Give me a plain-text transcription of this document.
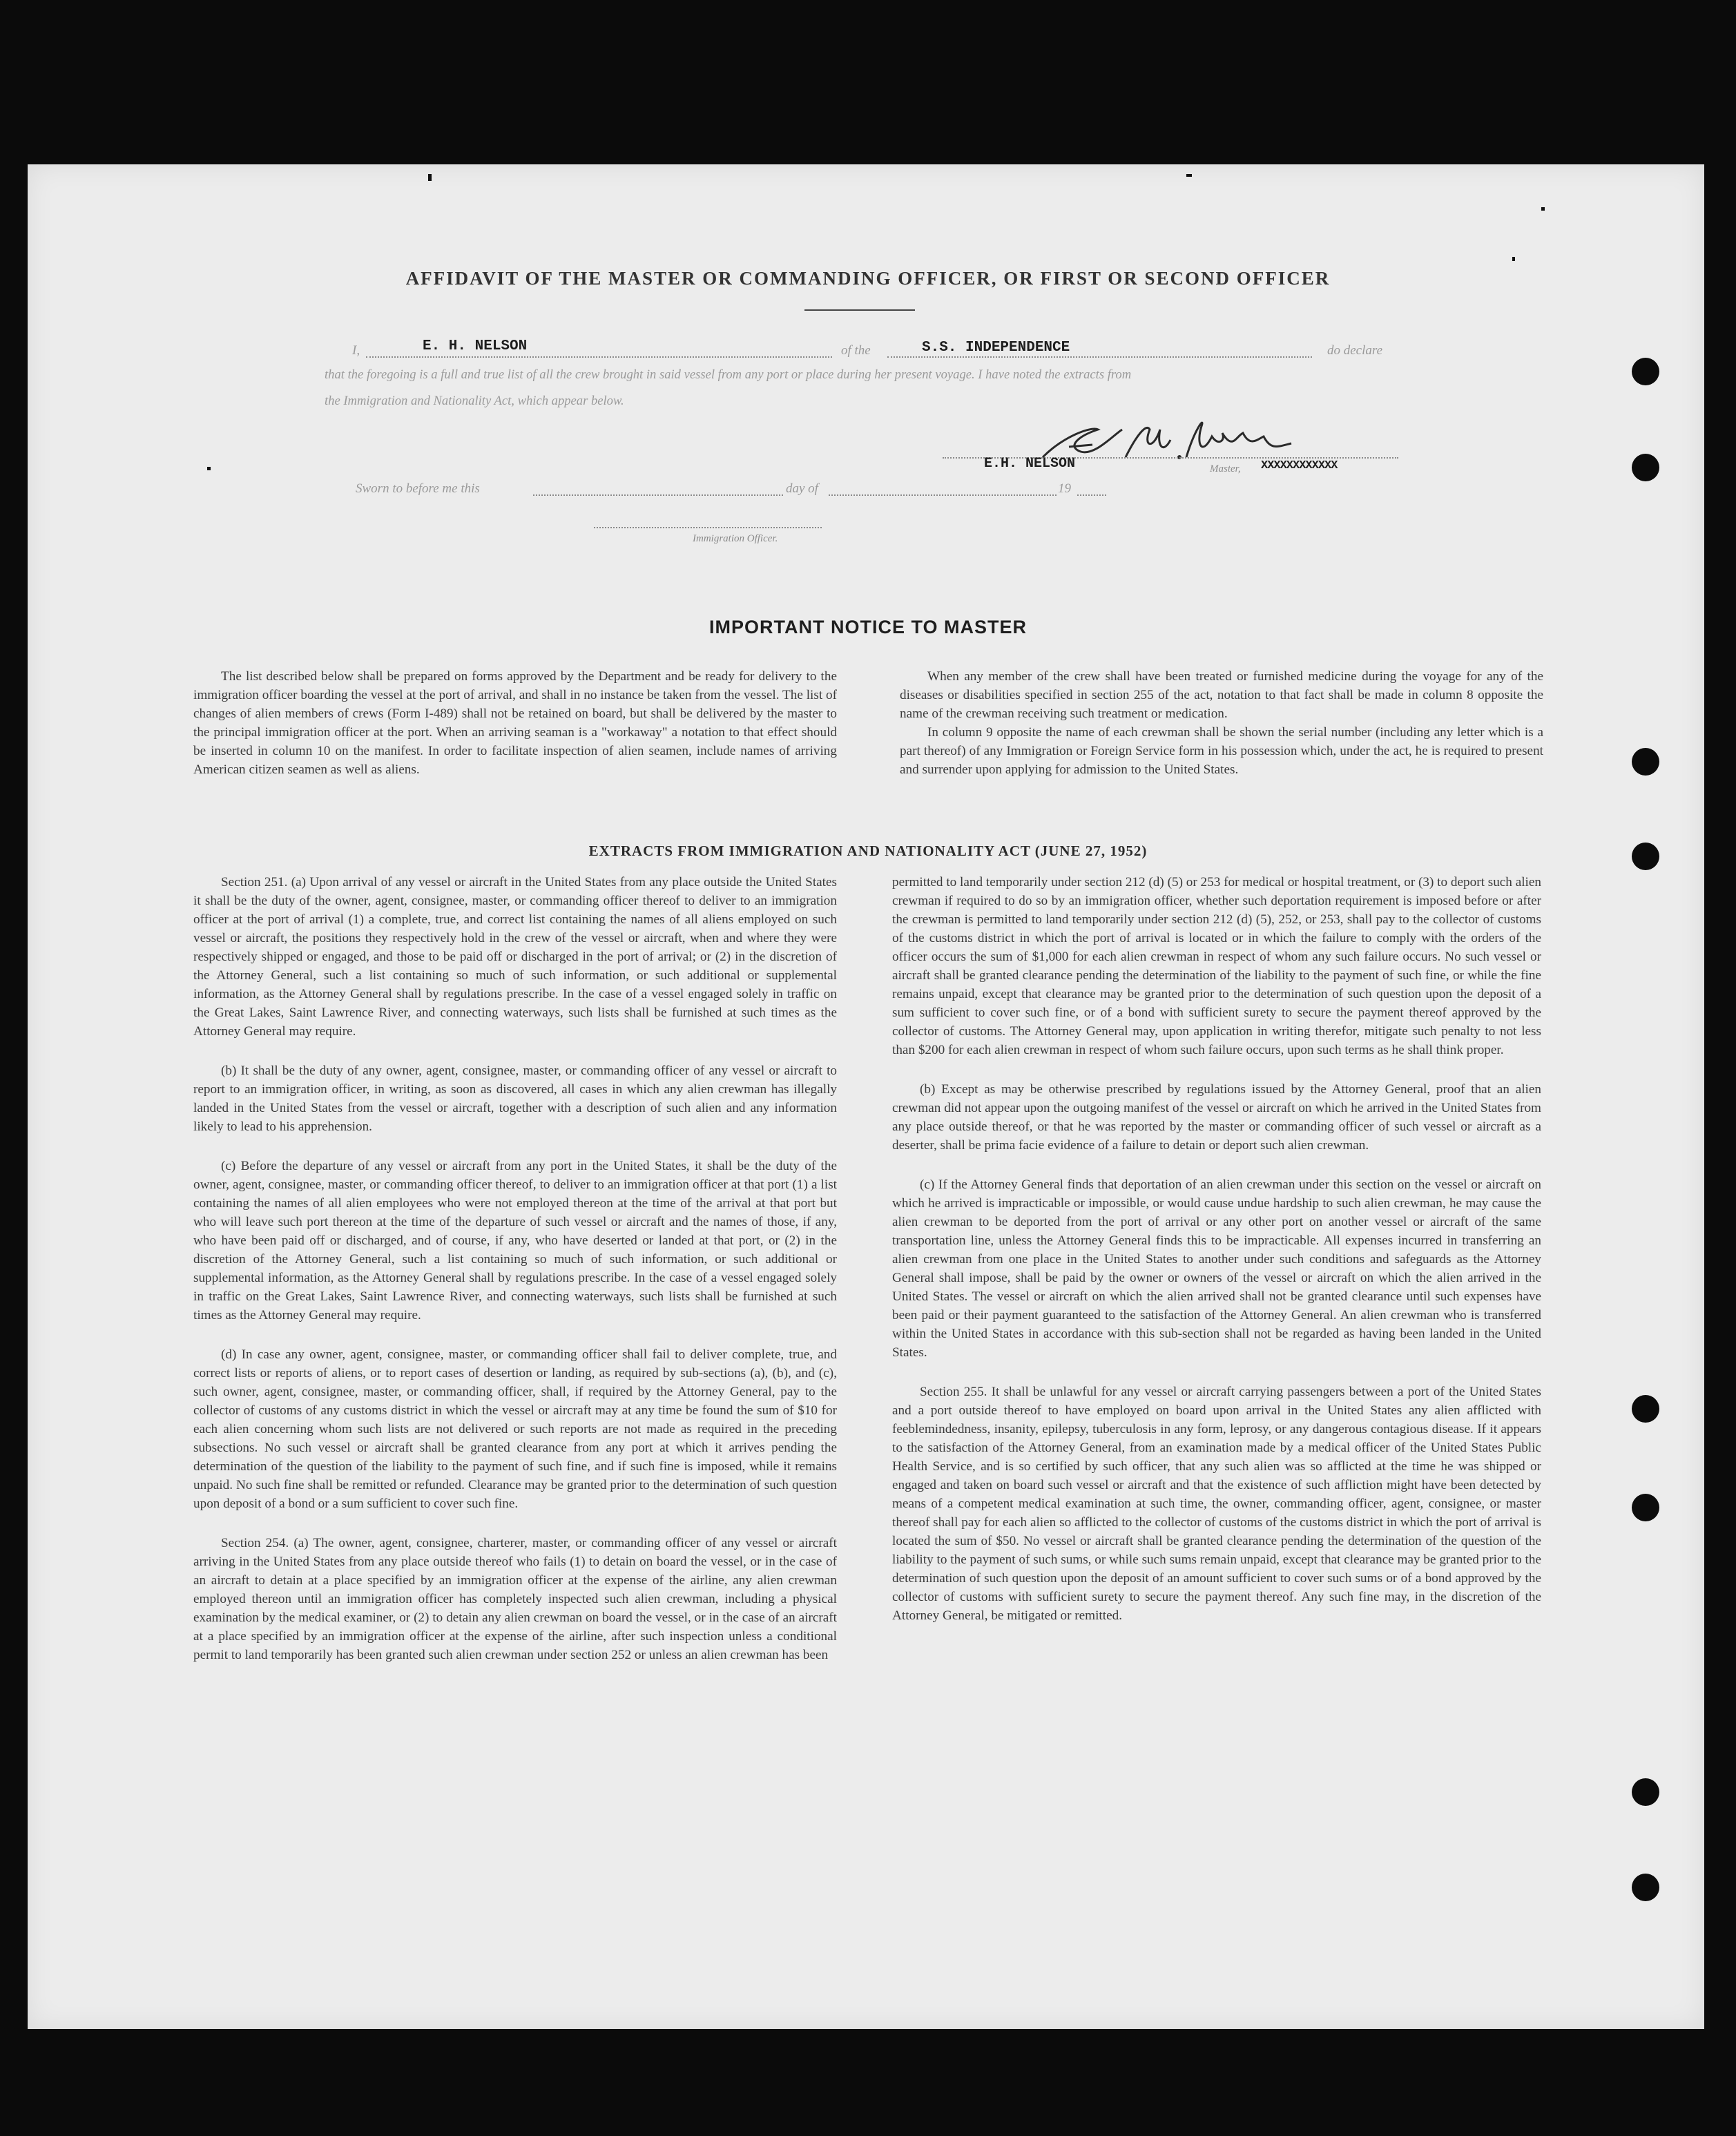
AFFIDAVIT OF THE MASTER OR COMMANDING OFFICER, OR FIRST OR SECOND OFFICER
I,	E. H. NELSON	of the	S.S. INDEPENDENCE	do declare
that the foregoing is a full and true list of all the crew brought in said vessel from any port or place during her present voyage. I have noted the extracts from
the Immigration and Nationality Act, which appear below.
E.H. NELSON	Master, XXXXXXXXXXXX
Sworn to before me this	day of	19
Immigration Officer.
IMPORTANT NOTICE TO MASTER

The list described below shall be prepared on forms approved by the Department and be ready for delivery to the immigration officer boarding the vessel at the port of arrival, and shall in no instance be taken from the vessel. The list of changes of alien members of crews (Form I-489) shall not be retained on board, but shall be delivered by the master to the principal immigration officer at the port. When an arriving seaman is a "workaway" a notation to that effect should be inserted in column 10 on the manifest. In order to facilitate inspection of alien seamen, include names of arriving American citizen seamen as well as aliens.

When any member of the crew shall have been treated or furnished medicine during the voyage for any of the diseases or disabilities specified in section 255 of the act, notation to that fact shall be made in column 8 opposite the name of the crewman receiving such treatment or medication.

In column 9 opposite the name of each crewman shall be shown the serial number (including any letter which is a part thereof) of any Immigration or Foreign Service form in his possession which, under the act, he is required to present and surrender upon applying for admission to the United States.

EXTRACTS FROM IMMIGRATION AND NATIONALITY ACT (JUNE 27, 1952)

Section 251. (a) Upon arrival of any vessel or aircraft in the United States from any place outside the United States it shall be the duty of the owner, agent, consignee, master, or commanding officer thereof to deliver to an immigration officer at the port of arrival (1) a complete, true, and correct list containing the names of all aliens employed on such vessel or aircraft, the positions they respectively hold in the crew of the vessel or aircraft, when and where they were respectively shipped or engaged, and those to be paid off or discharged in the port of arrival; or (2) in the discretion of the Attorney General, such a list containing so much of such information, or such additional or supplemental information, as the Attorney General shall by regulations prescribe. In the case of a vessel engaged solely in traffic on the Great Lakes, Saint Lawrence River, and connecting waterways, such lists shall be furnished at such times as the Attorney General may require.

(b) It shall be the duty of any owner, agent, consignee, master, or commanding officer of any vessel or aircraft to report to an immigration officer, in writing, as soon as discovered, all cases in which any alien crewman has illegally landed in the United States from the vessel or aircraft, together with a description of such alien and any information likely to lead to his apprehension.

(c) Before the departure of any vessel or aircraft from any port in the United States, it shall be the duty of the owner, agent, consignee, master, or commanding officer thereof, to deliver to an immigration officer at that port (1) a list containing the names of all alien employees who were not employed thereon at the time of the arrival at that port but who will leave such port thereon at the time of the departure of such vessel or aircraft and the names of those, if any, who have been paid off or discharged, and of course, if any, who have deserted or landed at that port, or (2) in the discretion of the Attorney General, such a list containing so much of such information, or such additional or supplemental information, as the Attorney General shall by regulations prescribe. In the case of a vessel engaged solely in traffic on the Great Lakes, Saint Lawrence River, and connecting waterways, such lists shall be furnished at such times as the Attorney General may require.

(d) In case any owner, agent, consignee, master, or commanding officer shall fail to deliver complete, true, and correct lists or reports of aliens, or to report cases of desertion or landing, as required by sub-sections (a), (b), and (c), such owner, agent, consignee, master, or commanding officer, shall, if required by the Attorney General, pay to the collector of customs of any customs district in which the vessel or aircraft may at any time be found the sum of $10 for each alien concerning whom such lists are not delivered or such reports are not made as required in the preceding subsections. No such vessel or aircraft shall be granted clearance from any port at which it arrives pending the determination of the question of the liability to the payment of such fine, and if such fine is imposed, while it remains unpaid. No such fine shall be remitted or refunded. Clearance may be granted prior to the determination of such question upon deposit of a bond or a sum sufficient to cover such fine.

Section 254. (a) The owner, agent, consignee, charterer, master, or commanding officer of any vessel or aircraft arriving in the United States from any place outside thereof who fails (1) to detain on board the vessel, or in the case of an aircraft to detain at a place specified by an immigration officer at the expense of the airline, any alien crewman employed thereon until an immigration officer has completely inspected such alien crewman, including a physical examination by the medical examiner, or (2) to detain any alien crewman on board the vessel, or in the case of an aircraft at a place specified by an immigration officer at the expense of the airline, after such inspection unless a conditional permit to land temporarily has been granted such alien crewman under section 252 or unless an alien crewman has been

permitted to land temporarily under section 212 (d) (5) or 253 for medical or hospital treatment, or (3) to deport such alien crewman if required to do so by an immigration officer, whether such deportation requirement is imposed before or after the crewman is permitted to land temporarily under section 212 (d) (5), 252, or 253, shall pay to the collector of customs of the customs district in which the port of arrival is located or in which the failure to comply with the orders of the officer occurs the sum of $1,000 for each alien crewman in respect of whom any such failure occurs. No such vessel or aircraft shall be granted clearance pending the determination of the liability to the payment of such fine, or while the fine remains unpaid, except that clearance may be granted prior to the determination of such question upon the deposit of a sum sufficient to cover such fine, or of a bond with sufficient surety to secure the payment thereof approved by the collector of customs. The Attorney General may, upon application in writing therefor, mitigate such penalty to not less than $200 for each alien crewman in respect of whom such failure occurs, upon such terms as he shall think proper.

(b) Except as may be otherwise prescribed by regulations issued by the Attorney General, proof that an alien crewman did not appear upon the outgoing manifest of the vessel or aircraft on which he arrived in the United States from any place outside thereof, or that he was reported by the master or commanding officer of such vessel or aircraft as a deserter, shall be prima facie evidence of a failure to detain or deport such alien crewman.

(c) If the Attorney General finds that deportation of an alien crewman under this section on the vessel or aircraft on which he arrived is impracticable or impossible, or would cause undue hardship to such alien crewman, he may cause the alien crewman to be deported from the port of arrival or any other port on another vessel or aircraft of the same transportation line, unless the Attorney General finds this to be impracticable. All expenses incurred in transferring an alien crewman from one place in the United States to another under such conditions and safeguards as the Attorney General shall impose, shall be paid by the owner or owners of the vessel or aircraft on which the alien arrived in the United States. The vessel or aircraft on which the alien arrived shall not be granted clearance until such expenses have been paid or their payment guaranteed to the satisfaction of the Attorney General. An alien crewman who is transferred within the United States in accordance with this sub-section shall not be regarded as having been landed in the United States.

Section 255. It shall be unlawful for any vessel or aircraft carrying passengers between a port of the United States and a port outside thereof to have employed on board upon arrival in the United States any alien afflicted with feeblemindedness, insanity, epilepsy, tuberculosis in any form, leprosy, or any dangerous contagious disease. If it appears to the satisfaction of the Attorney General, from an examination made by a medical officer of the United States Public Health Service, and is so certified by such officer, that any such alien was so afflicted at the time he was shipped or engaged and taken on board such vessel or aircraft and that the existence of such affliction might have been detected by means of a competent medical examination at such time, the owner, commanding officer, agent, consignee, or master thereof shall pay for each alien so afflicted to the collector of customs of the customs district in which the port of arrival is located the sum of $50. No vessel or aircraft shall be granted clearance pending the determination of the question of the liability to the payment of such sums, or while such sums remain unpaid, except that clearance may be granted prior to the determination of such question upon the deposit of an amount sufficient to cover such sums or of a bond approved by the collector of customs with sufficient surety to secure the payment thereof. Any such fine may, in the discretion of the Attorney General, be mitigated or remitted.
